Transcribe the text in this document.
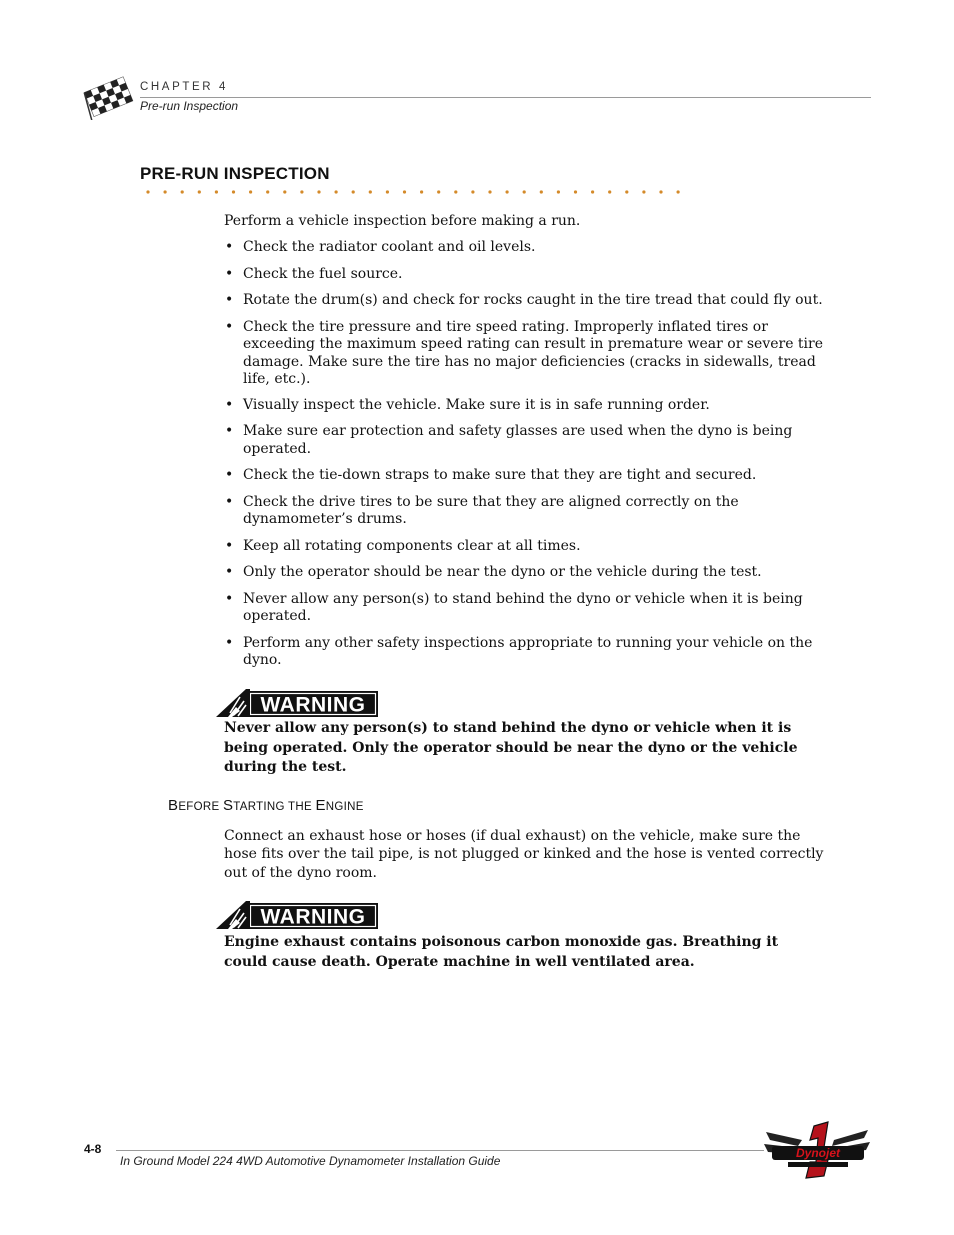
CHAPTER 4
Pre-run Inspection
PRE-RUN INSPECTION
Perform a vehicle inspection before making a run.
• Check the radiator coolant and oil levels.
• Check the fuel source.
• Rotate the drum(s) and check for rocks caught in the tire tread that could fly out.
• Check the tire pressure and tire speed rating. Improperly inflated tires or exceeding the maximum speed rating can result in premature wear or severe tire damage. Make sure the tire has no major deficiencies (cracks in sidewalls, tread life, etc.).
• Visually inspect the vehicle. Make sure it is in safe running order.
• Make sure ear protection and safety glasses are used when the dyno is being operated.
• Check the tie-down straps to make sure that they are tight and secured.
• Check the drive tires to be sure that they are aligned correctly on the dynamometer’s drums.
• Keep all rotating components clear at all times.
• Only the operator should be near the dyno or the vehicle during the test.
• Never allow any person(s) to stand behind the dyno or vehicle when it is being operated.
• Perform any other safety inspections appropriate to running your vehicle on the dyno.
WARNING
Never allow any person(s) to stand behind the dyno or vehicle when it is being operated. Only the operator should be near the dyno or the vehicle during the test.
BEFORE STARTING THE ENGINE
Connect an exhaust hose or hoses (if dual exhaust) on the vehicle, make sure the hose fits over the tail pipe, is not plugged or kinked and the hose is vented correctly out of the dyno room.
WARNING
Engine exhaust contains poisonous carbon monoxide gas. Breathing it could cause death. Operate machine in well ventilated area.
4-8
In Ground Model 224 4WD Automotive Dynamometer Installation Guide
Dynojet
